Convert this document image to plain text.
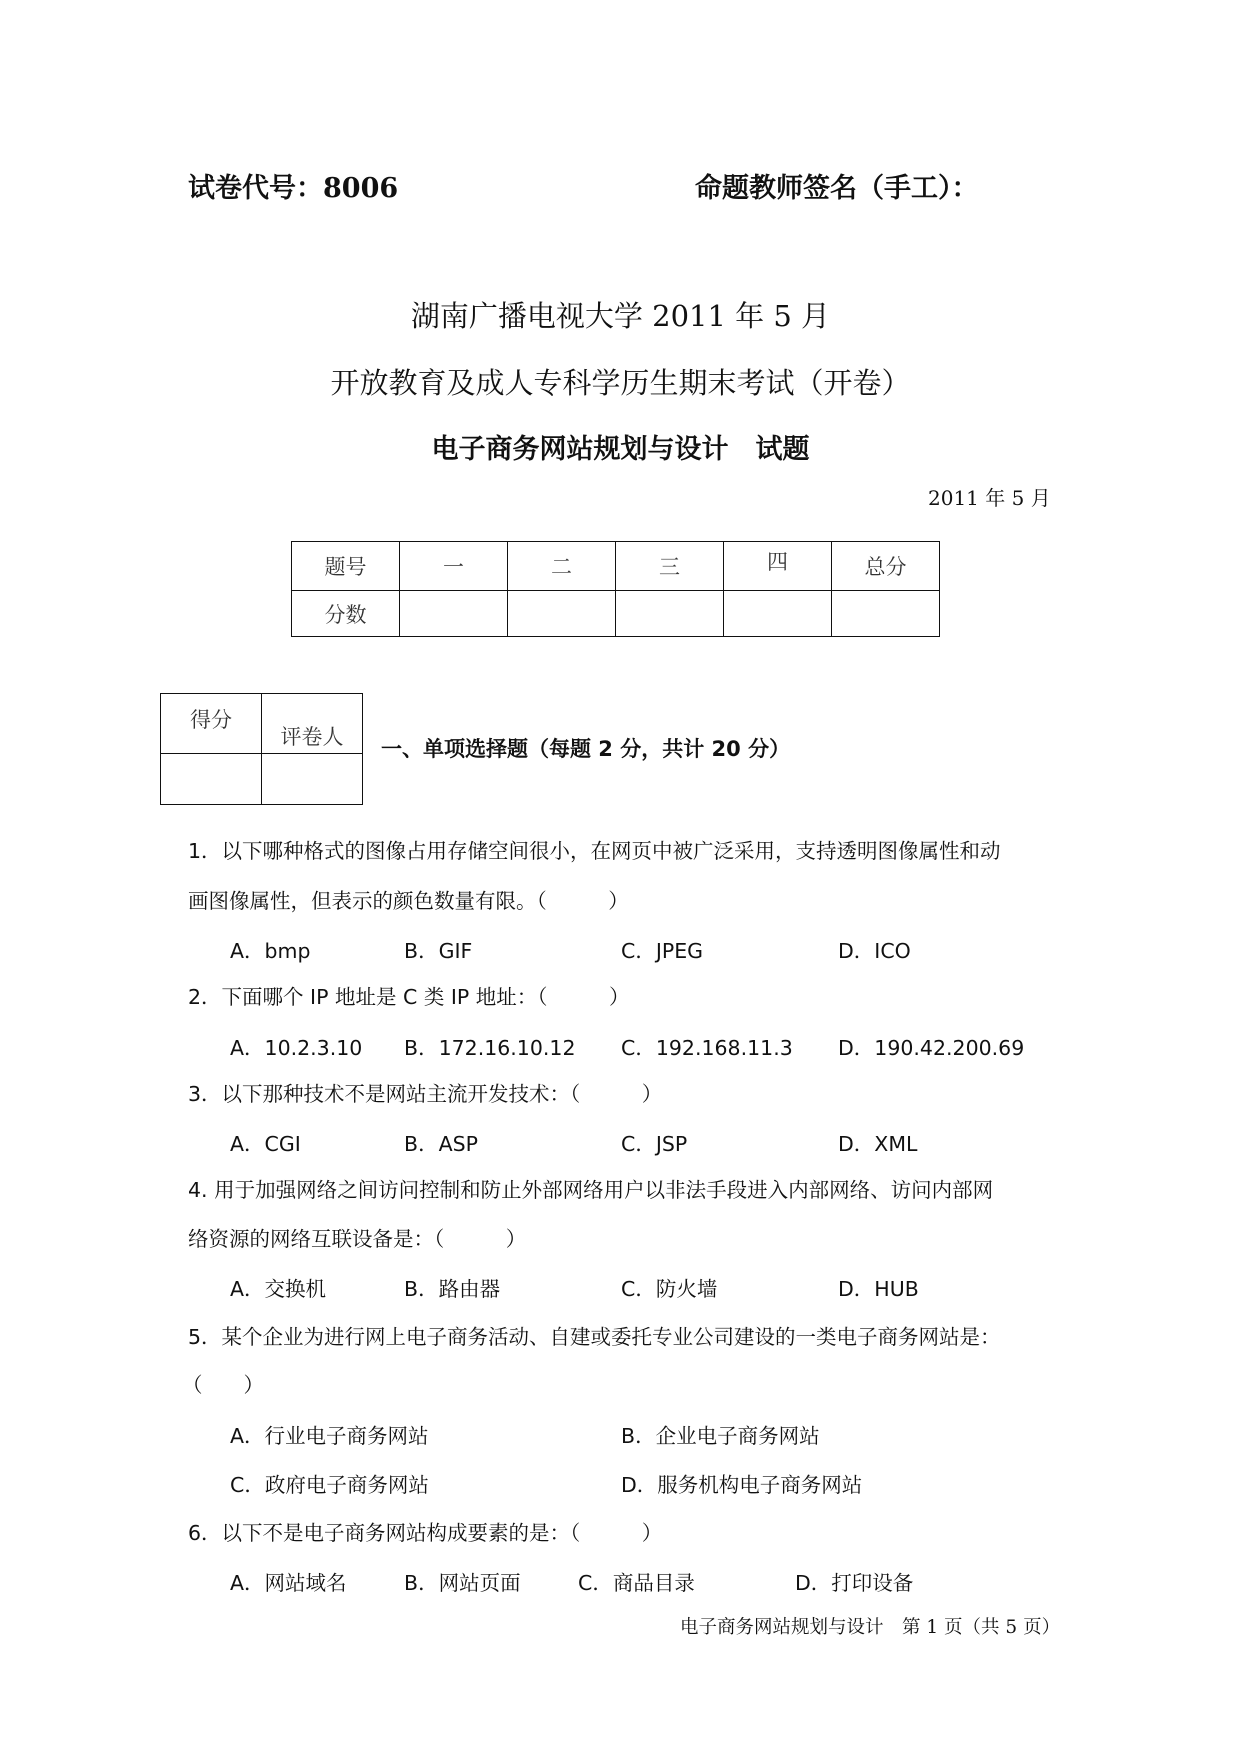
试卷代号：8006	命题教师签名（手工）：
湖南广播电视大学 2011 年 5 月
开放教育及成人专科学历生期末考试（开卷）
电子商务网站规划与设计　试题
2011 年 5 月
题号	一	二	三	四	总分
分数					
得分	评卷人
	一、单项选择题（每题 2 分，共计 20 分）
1．以下哪种格式的图像占用存储空间很小，在网页中被广泛采用，支持透明图像属性和动
画图像属性，但表示的颜色数量有限。（　　　）
A．bmp	B．GIF	C．JPEG	D．ICO
2．下面哪个 IP 地址是 C 类 IP 地址：（　　　）
A．10.2.3.10 B．172.16.10.12 C．192.168.11.3 D．190.42.200.69
3．以下那种技术不是网站主流开发技术：（　　　）
A．CGI	B．ASP	C．JSP	D．XML
4. 用于加强网络之间访问控制和防止外部网络用户以非法手段进入内部网络、访问内部网
络资源的网络互联设备是：（　　　）
A．交换机	B．路由器	C．防火墙	D．HUB
5．某个企业为进行网上电子商务活动、自建或委托专业公司建设的一类电子商务网站是：
（　　）
A．行业电子商务网站	B．企业电子商务网站
C．政府电子商务网站	D．服务机构电子商务网站
6．以下不是电子商务网站构成要素的是：（　　　）
A．网站域名	B．网站页面	C．商品目录	D．打印设备
电子商务网站规划与设计　第 1 页（共 5 页）
